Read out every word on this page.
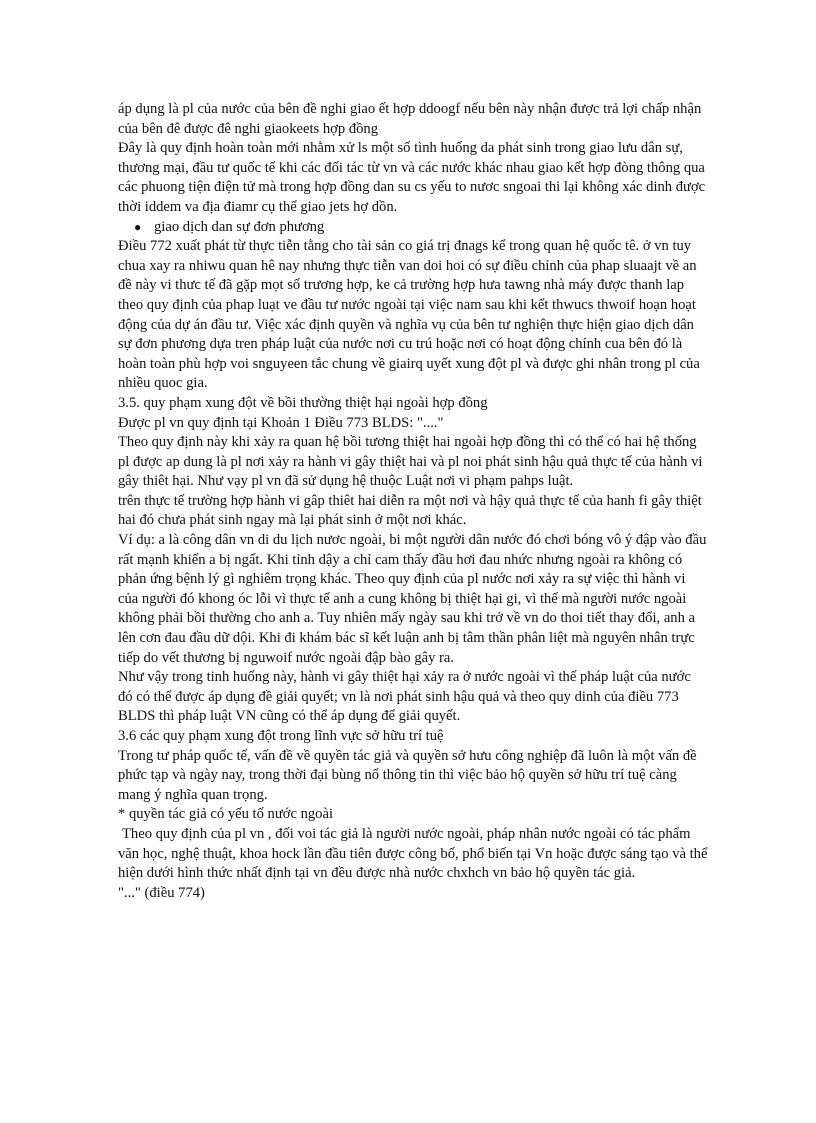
áp dụng là pl của nước của bên đề nghi giao ết hợp ddoogf nếu bên này nhận được trả lợi chấp nhận của bên đê được đê nghi giaokeets hợp đồng

Đây là quy định hoàn toàn mới nhằm xử ls một số tình huống da phát sinh trong giao lưu dân sự, thương mại, đầu tư quốc tế khi các đối tác từ vn và các nước khác nhau giao kết hợp đòng thông qua các phuong tiện điện tử mà trong hợp đồng dan su cs yếu to nươc sngoai thi lại không xác dinh được thời iddem va địa điamr cụ thể giao jets hợ dồn.

● giao dịch dan sự đơn phương

Điều 772 xuất phát từ thực tiễn tằng cho tài sản co giá trị đnags kể trong quan hệ quốc tê. ở vn tuy chua xay ra nhiwu quan hê nay nhưng thực tiễn van doi hoi có sự điều chỉnh của phap sluaajt về an đề này vi thưc tế đã gặp mọt số trương hợp, ke cả trường hợp hưa tawng nhà máy được thanh lap theo quy định của phap luạt ve đầu tư nước ngoài tại việc nam sau khi kết thwucs thwoif hoạn hoạt động của dự án đầu tư. Việc xác định quyền và nghĩa vụ của bên tư nghiện thực hiện giao dịch dân sự đơn phương dựa tren pháp luật của nước nơi cu trú hoặc nơi có hoạt động chính cua bên đó là hoàn toàn phù hợp voi snguyeen tắc chung về giairq uyết xung đột pl và được ghi nhân trong pl của nhiều quoc gia.

3.5. quy phạm xung đột về bồi thường thiệt hại ngoài hợp đồng

Được pl vn quy định tại Khoản 1 Điều 773 BLDS: "...."

Theo quy định này khi xảy ra quan hệ bồi tương thiệt hai ngoài hợp đồng thì có thể có hai hệ thống pl được ap dung là pl nơi xảy ra hành vi gây thiệt hai và pl noi phát sinh hậu quả thực tế của hành vi gây thiêt hại. Như vạy pl vn đã sử dụng hệ thuộc Luật nơi vi phạm pahps luật.

trên thực tế trường hợp hành vi gâp thiêt hai diễn ra một nơi và hậy quả thực tế của hanh fi gây thiệt hai đó chưa phát sinh ngay mà lại phát sinh ở một nơi khác.

Ví dụ: a là công dân vn di du lịch nươc ngoài, bi một người dân nước đó chơi bóng vô ý đập vào đầu rất mạnh khiến a bị ngất. Khi tỉnh dậy a chỉ cam thấy đầu hơi đau nhức nhưng ngoài ra không có phản ứng bệnh lý gì nghiêm trọng khác. Theo quy định của pl nước nơi xảy ra sự việc thì hành vi của người đó khong óc lỗi vì thực tế anh a cung không bị thiệt hại gi, vì thế mà người nước ngoài không phải bồi thường cho anh a. Tuy nhiên mấy ngày sau khi trở về vn do thoi tiết thay đổi, anh a lên cơn đau đầu dữ dội. Khi đi khám bác sĩ kết luận anh bị tâm thần phân liệt mà nguyên nhân trực tiếp do vết thương bị nguwoif nước ngoài đập bào gây ra.

Như vậy trong tinh huống này, hành vi gây thiệt hại xảy ra ở nước ngoài vì thế pháp luật của nước đó có thể được áp dụng đề giải quyết; vn là nơi phát sinh hậu quả và theo quy dinh của điều 773 BLDS thì pháp luật VN cũng có thể áp dụng để giải quyết.

3.6 các quy phạm xung đột trong lĩnh vực sở hữu trí tuệ

Trong tư pháp quốc tế, vấn đề về quyền tác giả và quyền sở hưu công nghiệp đã luôn là một vấn đề phức tạp và ngày nay, trong thời đại bùng nổ thông tin thì việc bảo hộ quyền sở hữu trí tuệ càng mang ý nghĩa quan trọng.

* quyền tác giả có yếu tố nước ngoài

Theo quy định của pl vn , đối voi tác giả là người nước ngoài, pháp nhân nước ngoài có tác phẩm văn học, nghệ thuật, khoa hock lần đầu tiên được công bố, phổ biến tại Vn hoặc được sáng tạo và thể hiện dưới hình thức nhất định tại vn đều được nhà nước chxhch vn bảo hộ quyền tác giả.

"..." (điều 774)
